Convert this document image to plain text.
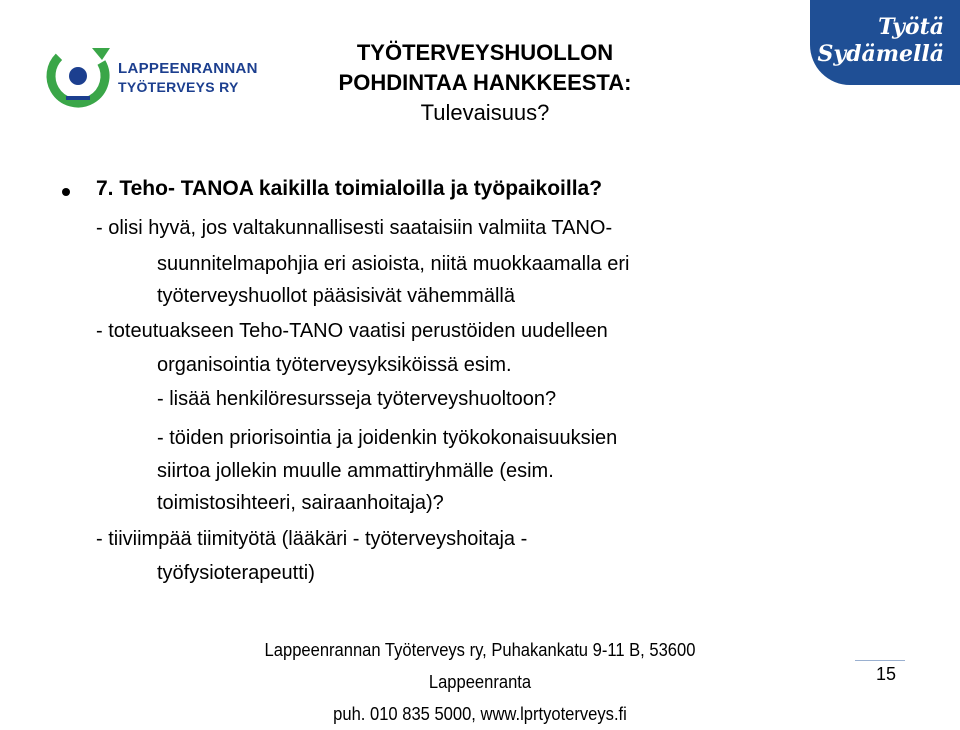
LAPPEENRANNAN
TYÖTERVEYS RY
TYÖTERVEYSHUOLLON
POHDINTAA HANKKEESTA:
Tulevaisuus?
Työtä
Sydämellä
7. Teho- TANOA kaikilla toimialoilla ja työpaikoilla?
- olisi hyvä, jos valtakunnallisesti saataisiin valmiita TANO-
suunnitelmapohjia eri asioista, niitä muokkaamalla eri
työterveyshuollot pääsisivät vähemmällä
- toteutuakseen Teho-TANO vaatisi perustöiden uudelleen
organisointia työterveysyksiköissä esim.
- lisää henkilöresursseja työterveyshuoltoon?
- töiden priorisointia ja joidenkin työkokonaisuuksien
siirtoa jollekin muulle ammattiryhmälle (esim.
toimistosihteeri, sairaanhoitaja)?
- tiiviimpää tiimityötä (lääkäri - työterveyshoitaja -
työfysioterapeutti)
Lappeenrannan Työterveys ry, Puhakankatu 9-11 B, 53600 Lappeenranta
puh. 010 835 5000, www.lprtyoterveys.fi
15
